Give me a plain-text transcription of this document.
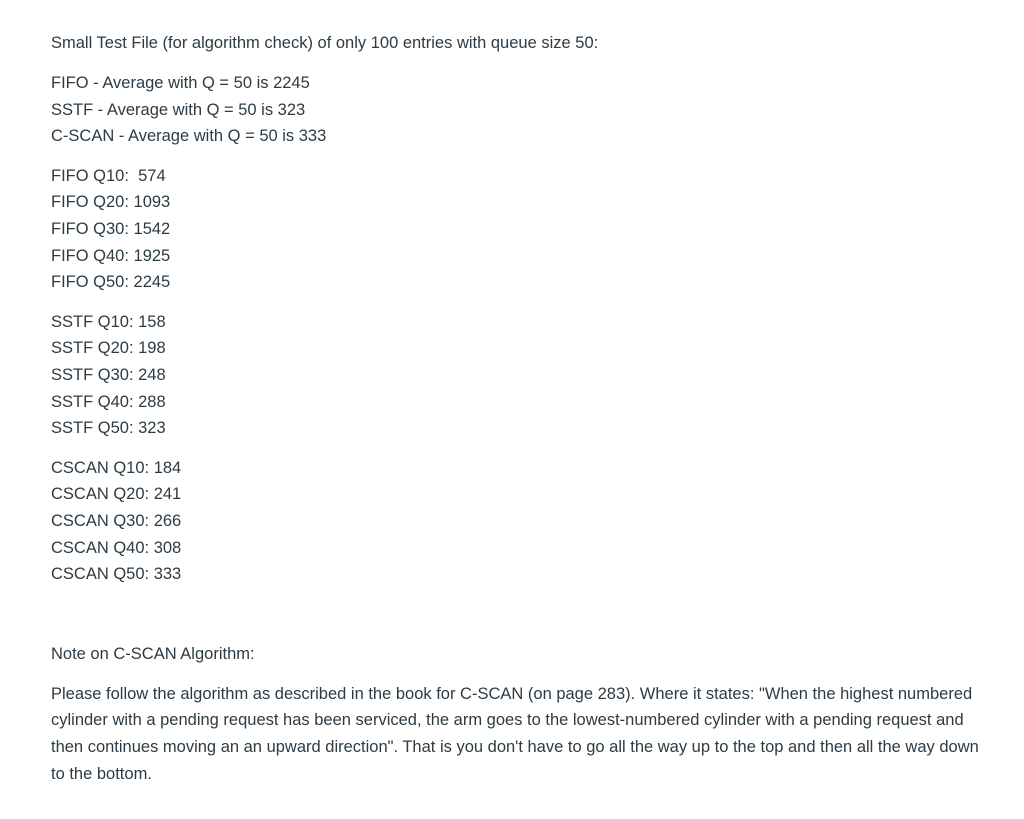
Small Test File (for algorithm check) of only 100 entries with queue size 50:
FIFO - Average with Q = 50 is 2245
SSTF - Average with Q = 50 is 323
C-SCAN - Average with Q = 50 is 333
FIFO Q10:  574
FIFO Q20: 1093
FIFO Q30: 1542
FIFO Q40: 1925
FIFO Q50: 2245
SSTF Q10: 158
SSTF Q20: 198
SSTF Q30: 248
SSTF Q40: 288
SSTF Q50: 323
CSCAN Q10: 184
CSCAN Q20: 241
CSCAN Q30: 266
CSCAN Q40: 308
CSCAN Q50: 333
Note on C-SCAN Algorithm:
Please follow the algorithm as described in the book for C-SCAN (on page 283). Where it states: "When the highest numbered cylinder with a pending request has been serviced, the arm goes to the lowest-numbered cylinder with a pending request and then continues moving an an upward direction". That is you don't have to go all the way up to the top and then all the way down to the bottom.
